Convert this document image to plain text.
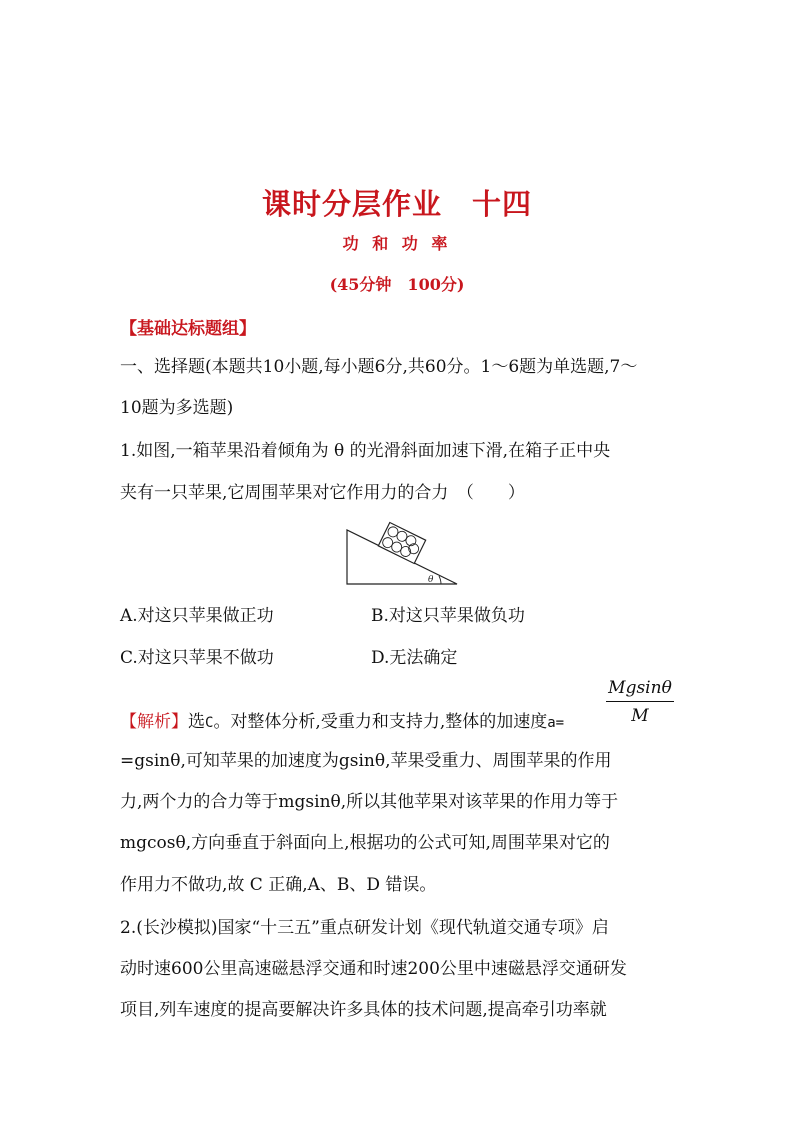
课时分层作业　十四
功 和 功 率
(45分钟　100分)
【基础达标题组】
一、选择题(本题共10小题,每小题6分,共60分。1～6题为单选题,7～
10题为多选题)
1.如图,一箱苹果沿着倾角为 θ 的光滑斜面加速下滑,在箱子正中央
夹有一只苹果,它周围苹果对它作用力的合力　（　　）
θ
A.对这只苹果做正功	B.对这只苹果做负功
C.对这只苹果不做功	D.无法确定
【解析】选C。对整体分析,受重力和支持力,整体的加速度$a= \frac{Mgsin\theta}{M}$
=gsinθ,可知苹果的加速度为gsinθ,苹果受重力、周围苹果的作用
力,两个力的合力等于mgsinθ,所以其他苹果对该苹果的作用力等于
mgcosθ,方向垂直于斜面向上,根据功的公式可知,周围苹果对它的
作用力不做功,故 C 正确,A、B、D 错误。
2.(长沙模拟)国家“十三五”重点研发计划《现代轨道交通专项》启
动时速600公里高速磁悬浮交通和时速200公里中速磁悬浮交通研发
项目,列车速度的提高要解决许多具体的技术问题,提高牵引功率就
